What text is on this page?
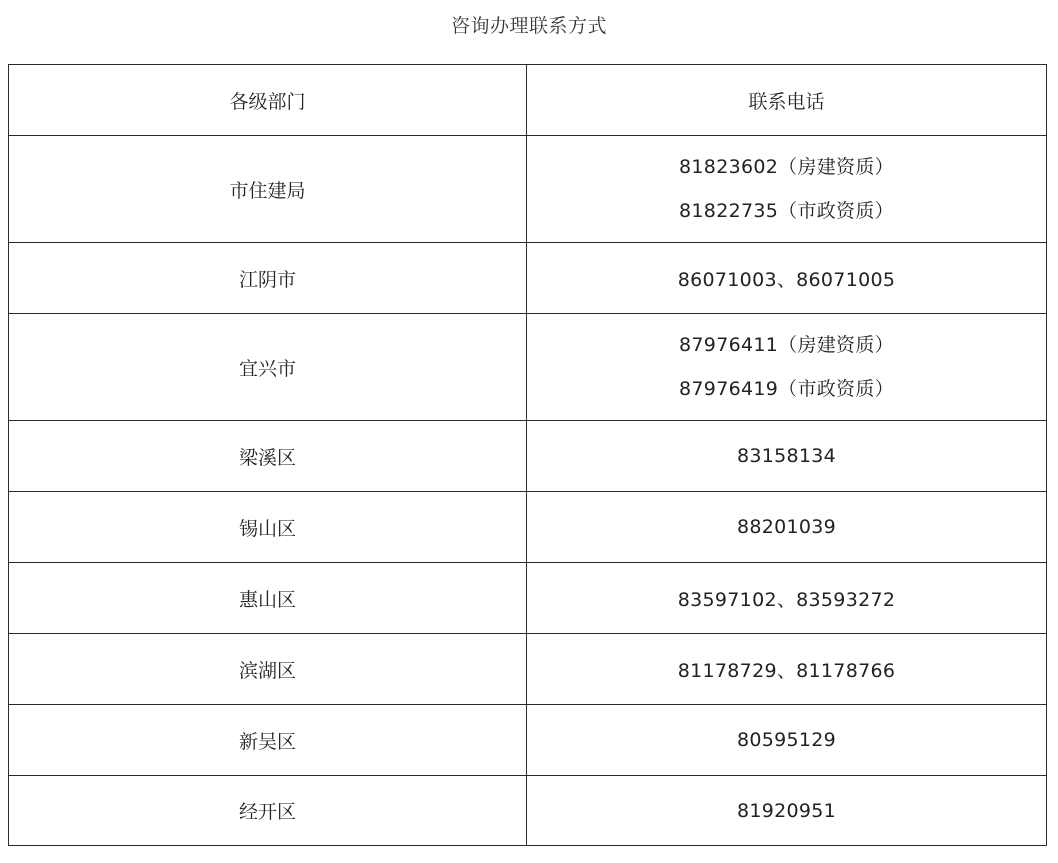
咨询办理联系方式
各级部门	联系电话
市住建局	81823602（房建资质）
81822735（市政资质）

江阴市	86071003、86071005
宜兴市	87976411（房建资质）
87976419（市政资质）

梁溪区	83158134
锡山区	88201039
惠山区	83597102、83593272
滨湖区	81178729、81178766
新吴区	80595129
经开区	81920951
